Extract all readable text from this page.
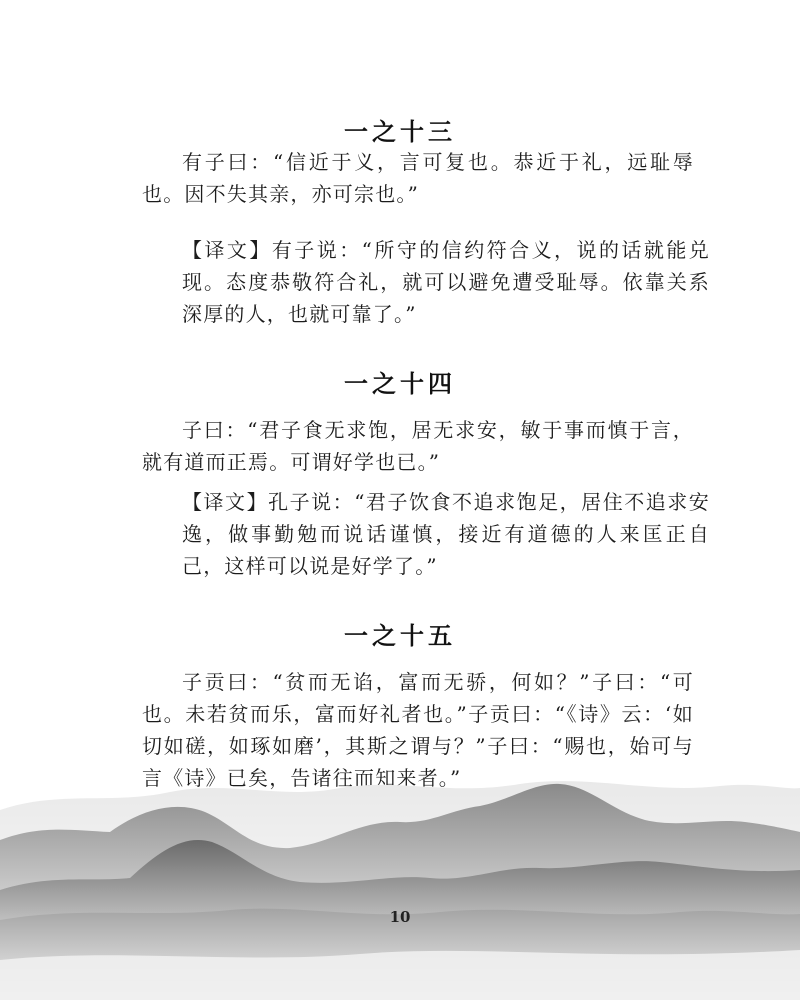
一之十三

有子曰：“信近于义，言可复也。恭近于礼，远耻辱也。因不失其亲，亦可宗也。”

【译文】有子说：“所守的信约符合义，说的话就能兑现。态度恭敬符合礼，就可以避免遭受耻辱。依靠关系深厚的人，也就可靠了。”

一之十四

子曰：“君子食无求饱，居无求安，敏于事而慎于言，就有道而正焉。可谓好学也已。”

【译文】孔子说：“君子饮食不追求饱足，居住不追求安逸，做事勤勉而说话谨慎，接近有道德的人来匡正自己，这样可以说是好学了。”

一之十五

子贡曰：“贫而无谄，富而无骄，何如？”子曰：“可也。未若贫而乐，富而好礼者也。”子贡曰：“《诗》云：‘如切如磋，如琢如磨’，其斯之谓与？”子曰：“赐也，始可与言《诗》已矣，告诸往而知来者。”

10
